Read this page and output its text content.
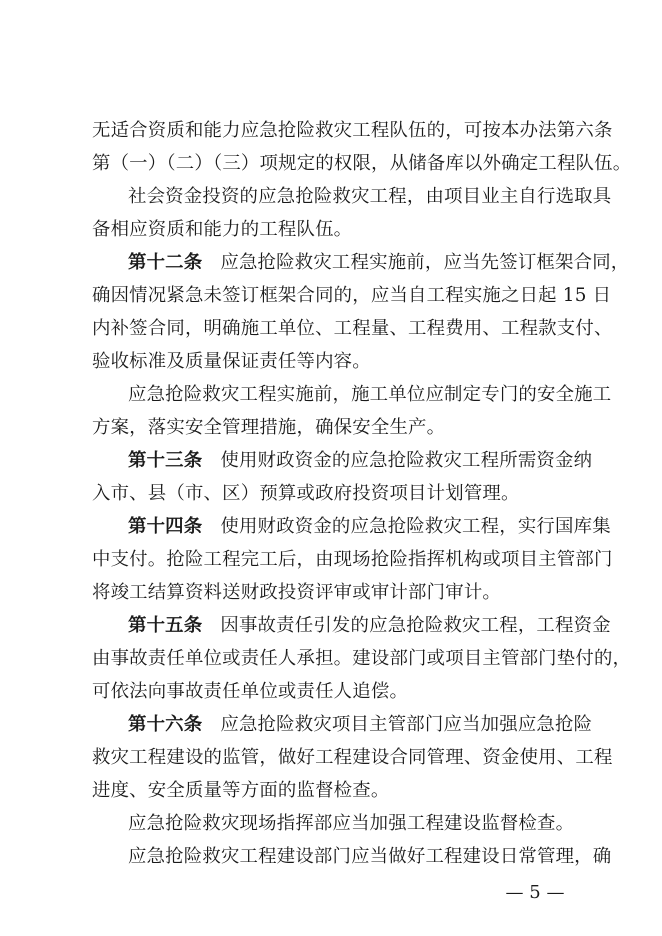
无适合资质和能力应急抢险救灾工程队伍的，可按本办法第六条
第（一）（二）（三）项规定的权限，从储备库以外确定工程队伍。
社会资金投资的应急抢险救灾工程，由项目业主自行选取具
备相应资质和能力的工程队伍。
第十二条 应急抢险救灾工程实施前，应当先签订框架合同，
确因情况紧急未签订框架合同的，应当自工程实施之日起 15 日
内补签合同，明确施工单位、工程量、工程费用、工程款支付、
验收标准及质量保证责任等内容。
应急抢险救灾工程实施前，施工单位应制定专门的安全施工
方案，落实安全管理措施，确保安全生产。
第十三条 使用财政资金的应急抢险救灾工程所需资金纳
入市、县（市、区）预算或政府投资项目计划管理。
第十四条 使用财政资金的应急抢险救灾工程，实行国库集
中支付。抢险工程完工后，由现场抢险指挥机构或项目主管部门
将竣工结算资料送财政投资评审或审计部门审计。
第十五条 因事故责任引发的应急抢险救灾工程，工程资金
由事故责任单位或责任人承担。建设部门或项目主管部门垫付的，
可依法向事故责任单位或责任人追偿。
第十六条 应急抢险救灾项目主管部门应当加强应急抢险
救灾工程建设的监管，做好工程建设合同管理、资金使用、工程
进度、安全质量等方面的监督检查。
应急抢险救灾现场指挥部应当加强工程建设监督检查。
应急抢险救灾工程建设部门应当做好工程建设日常管理，确
— 5 —
